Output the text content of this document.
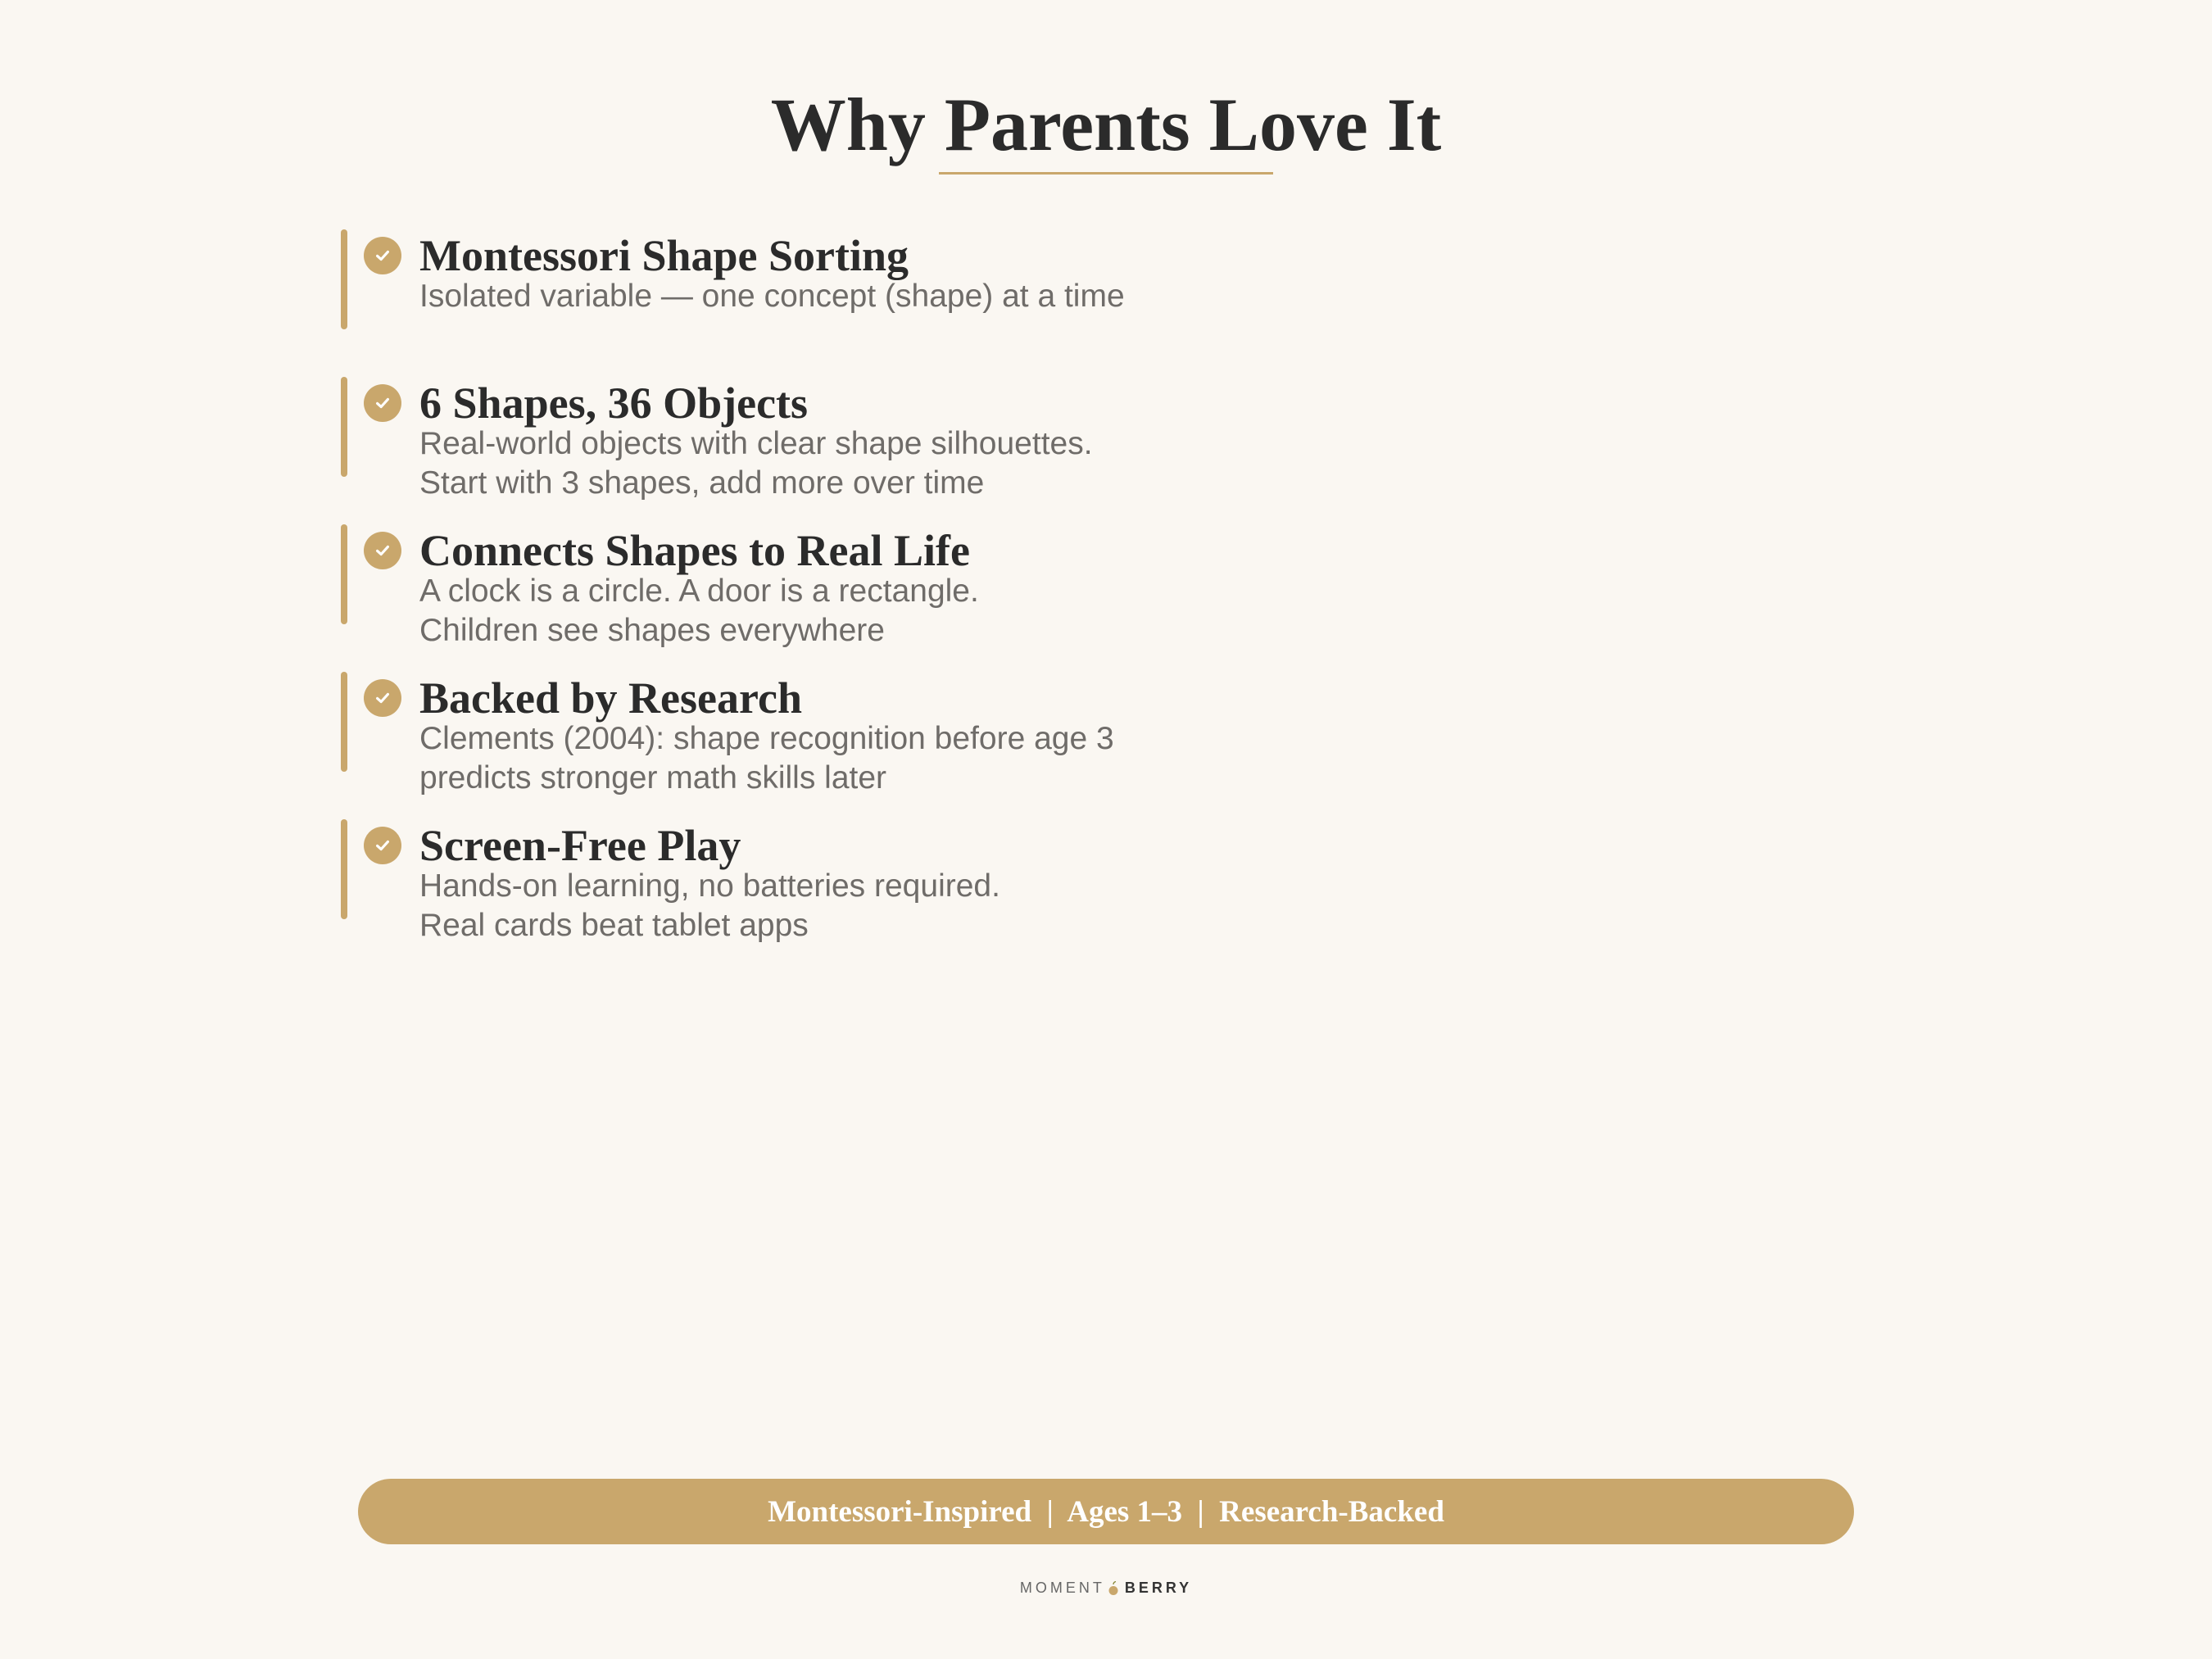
Why Parents Love It
Montessori Shape Sorting
Isolated variable — one concept (shape) at a time
6 Shapes, 36 Objects
Real-world objects with clear shape silhouettes.
Start with 3 shapes, add more over time
Connects Shapes to Real Life
A clock is a circle. A door is a rectangle.
Children see shapes everywhere
Backed by Research
Clements (2004): shape recognition before age 3
predicts stronger math skills later
Screen-Free Play
Hands-on learning, no batteries required.
Real cards beat tablet apps
Montessori-Inspired  |  Ages 1–3  |  Research-Backed
MOMENT BERRY
